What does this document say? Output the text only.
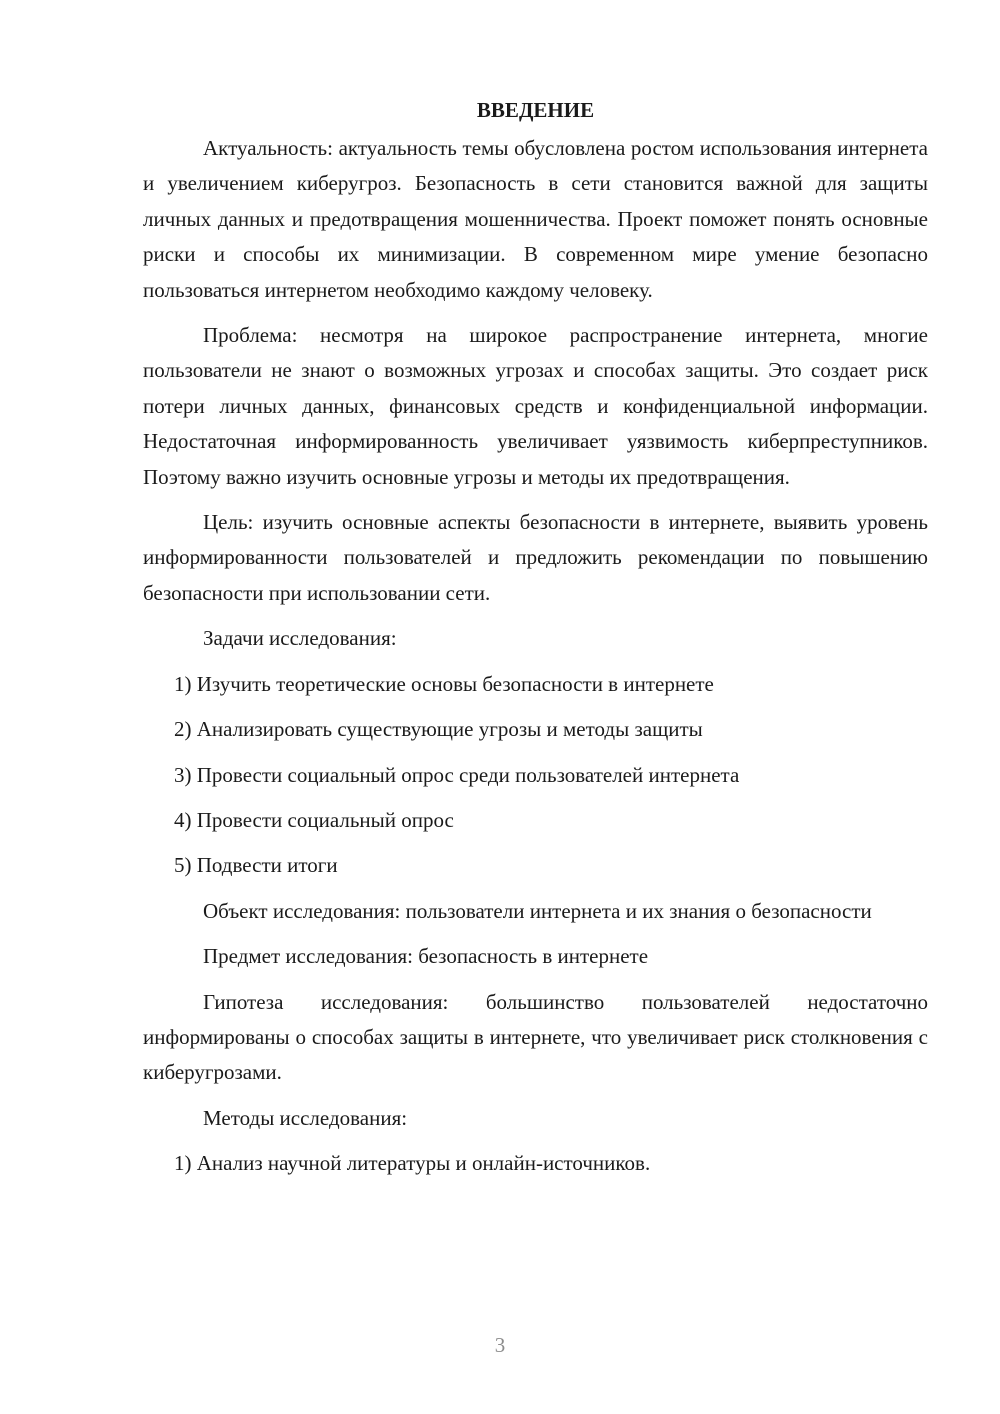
ВВЕДЕНИЕ

Актуальность: актуальность темы обусловлена ростом использования интернета и увеличением киберугроз. Безопасность в сети становится важной для защиты личных данных и предотвращения мошенничества. Проект поможет понять основные риски и способы их минимизации. В современном мире умение безопасно пользоваться интернетом необходимо каждому человеку.

Проблема: несмотря на широкое распространение интернета, многие пользователи не знают о возможных угрозах и способах защиты. Это создает риск потери личных данных, финансовых средств и конфиденциальной информации. Недостаточная информированность увеличивает уязвимость киберпреступников. Поэтому важно изучить основные угрозы и методы их предотвращения.

Цель: изучить основные аспекты безопасности в интернете, выявить уровень информированности пользователей и предложить рекомендации по повышению безопасности при использовании сети.

Задачи исследования:
1) Изучить теоретические основы безопасности в интернете
2) Анализировать существующие угрозы и методы защиты
3) Провести социальный опрос среди пользователей интернета
4) Провести социальный опрос
5) Подвести итоги

Объект исследования: пользователи интернета и их знания о безопасности

Предмет исследования: безопасность в интернете

Гипотеза исследования: большинство пользователей недостаточно информированы о способах защиты в интернете, что увеличивает риск столкновения с киберугрозами.

Методы исследования:
1) Анализ научной литературы и онлайн-источников.
3
